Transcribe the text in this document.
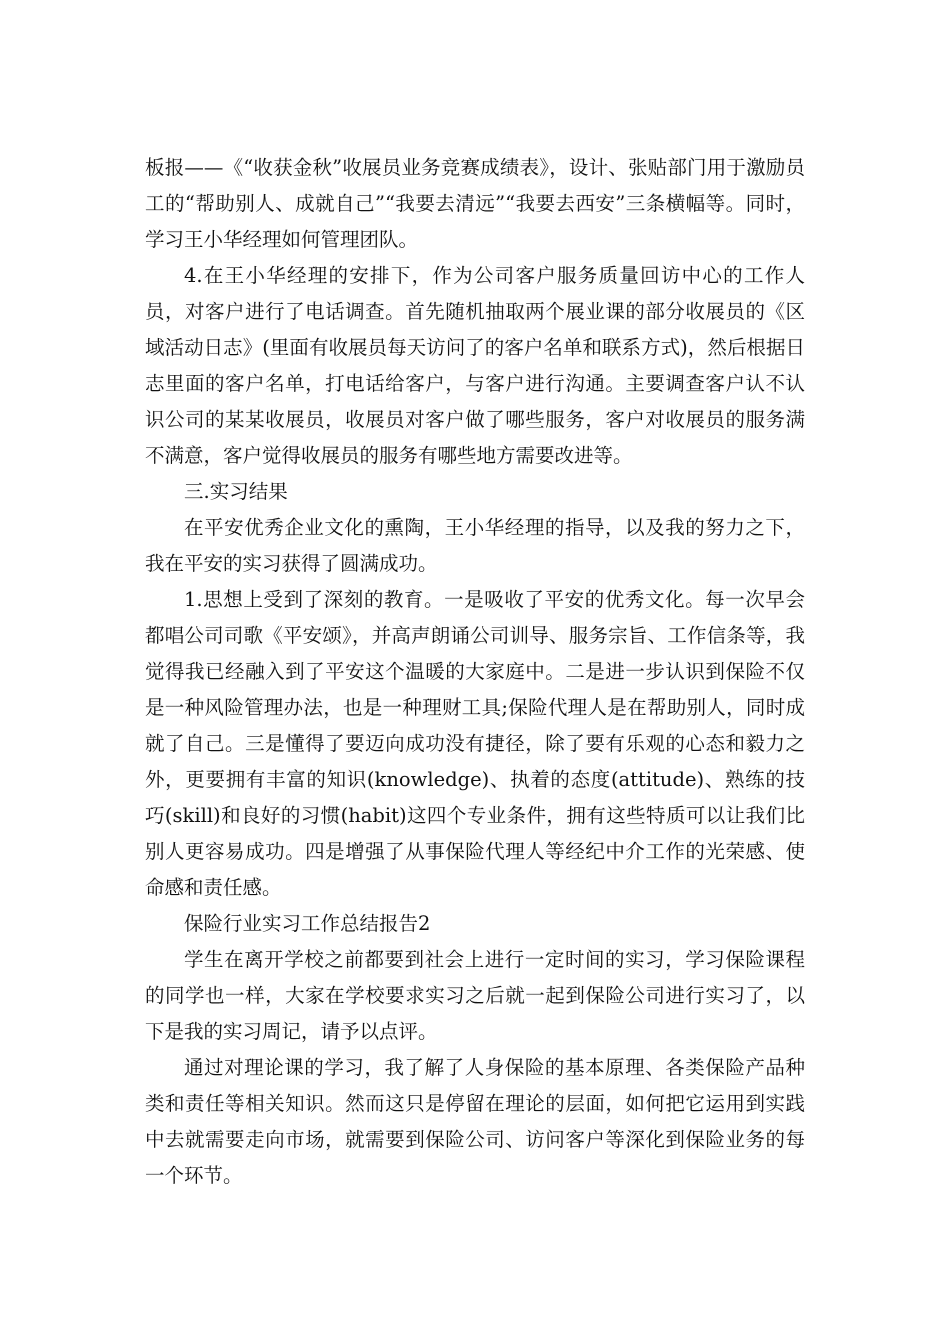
板报——《“收获金秋”收展员业务竞赛成绩表》，设计、张贴部门用于激励员工的“帮助别人、成就自己”“我要去清远”“我要去西安”三条横幅等。同时，学习王小华经理如何管理团队。

4.在王小华经理的安排下，作为公司客户服务质量回访中心的工作人员，对客户进行了电话调查。首先随机抽取两个展业课的部分收展员的《区域活动日志》(里面有收展员每天访问了的客户名单和联系方式)，然后根据日志里面的客户名单，打电话给客户，与客户进行沟通。主要调查客户认不认识公司的某某收展员，收展员对客户做了哪些服务，客户对收展员的服务满不满意，客户觉得收展员的服务有哪些地方需要改进等。

三.实习结果

在平安优秀企业文化的熏陶，王小华经理的指导，以及我的努力之下，我在平安的实习获得了圆满成功。

1.思想上受到了深刻的教育。一是吸收了平安的优秀文化。每一次早会都唱公司司歌《平安颂》，并高声朗诵公司训导、服务宗旨、工作信条等，我觉得我已经融入到了平安这个温暖的大家庭中。二是进一步认识到保险不仅是一种风险管理办法，也是一种理财工具;保险代理人是在帮助别人，同时成就了自己。三是懂得了要迈向成功没有捷径，除了要有乐观的心态和毅力之外，更要拥有丰富的知识(knowledge)、执着的态度(attitude)、熟练的技巧(skill)和良好的习惯(habit)这四个专业条件，拥有这些特质可以让我们比别人更容易成功。四是增强了从事保险代理人等经纪中介工作的光荣感、使命感和责任感。

保险行业实习工作总结报告2

学生在离开学校之前都要到社会上进行一定时间的实习，学习保险课程的同学也一样，大家在学校要求实习之后就一起到保险公司进行实习了，以下是我的实习周记，请予以点评。

通过对理论课的学习，我了解了人身保险的基本原理、各类保险产品种类和责任等相关知识。然而这只是停留在理论的层面，如何把它运用到实践中去就需要走向市场，就需要到保险公司、访问客户等深化到保险业务的每一个环节。
